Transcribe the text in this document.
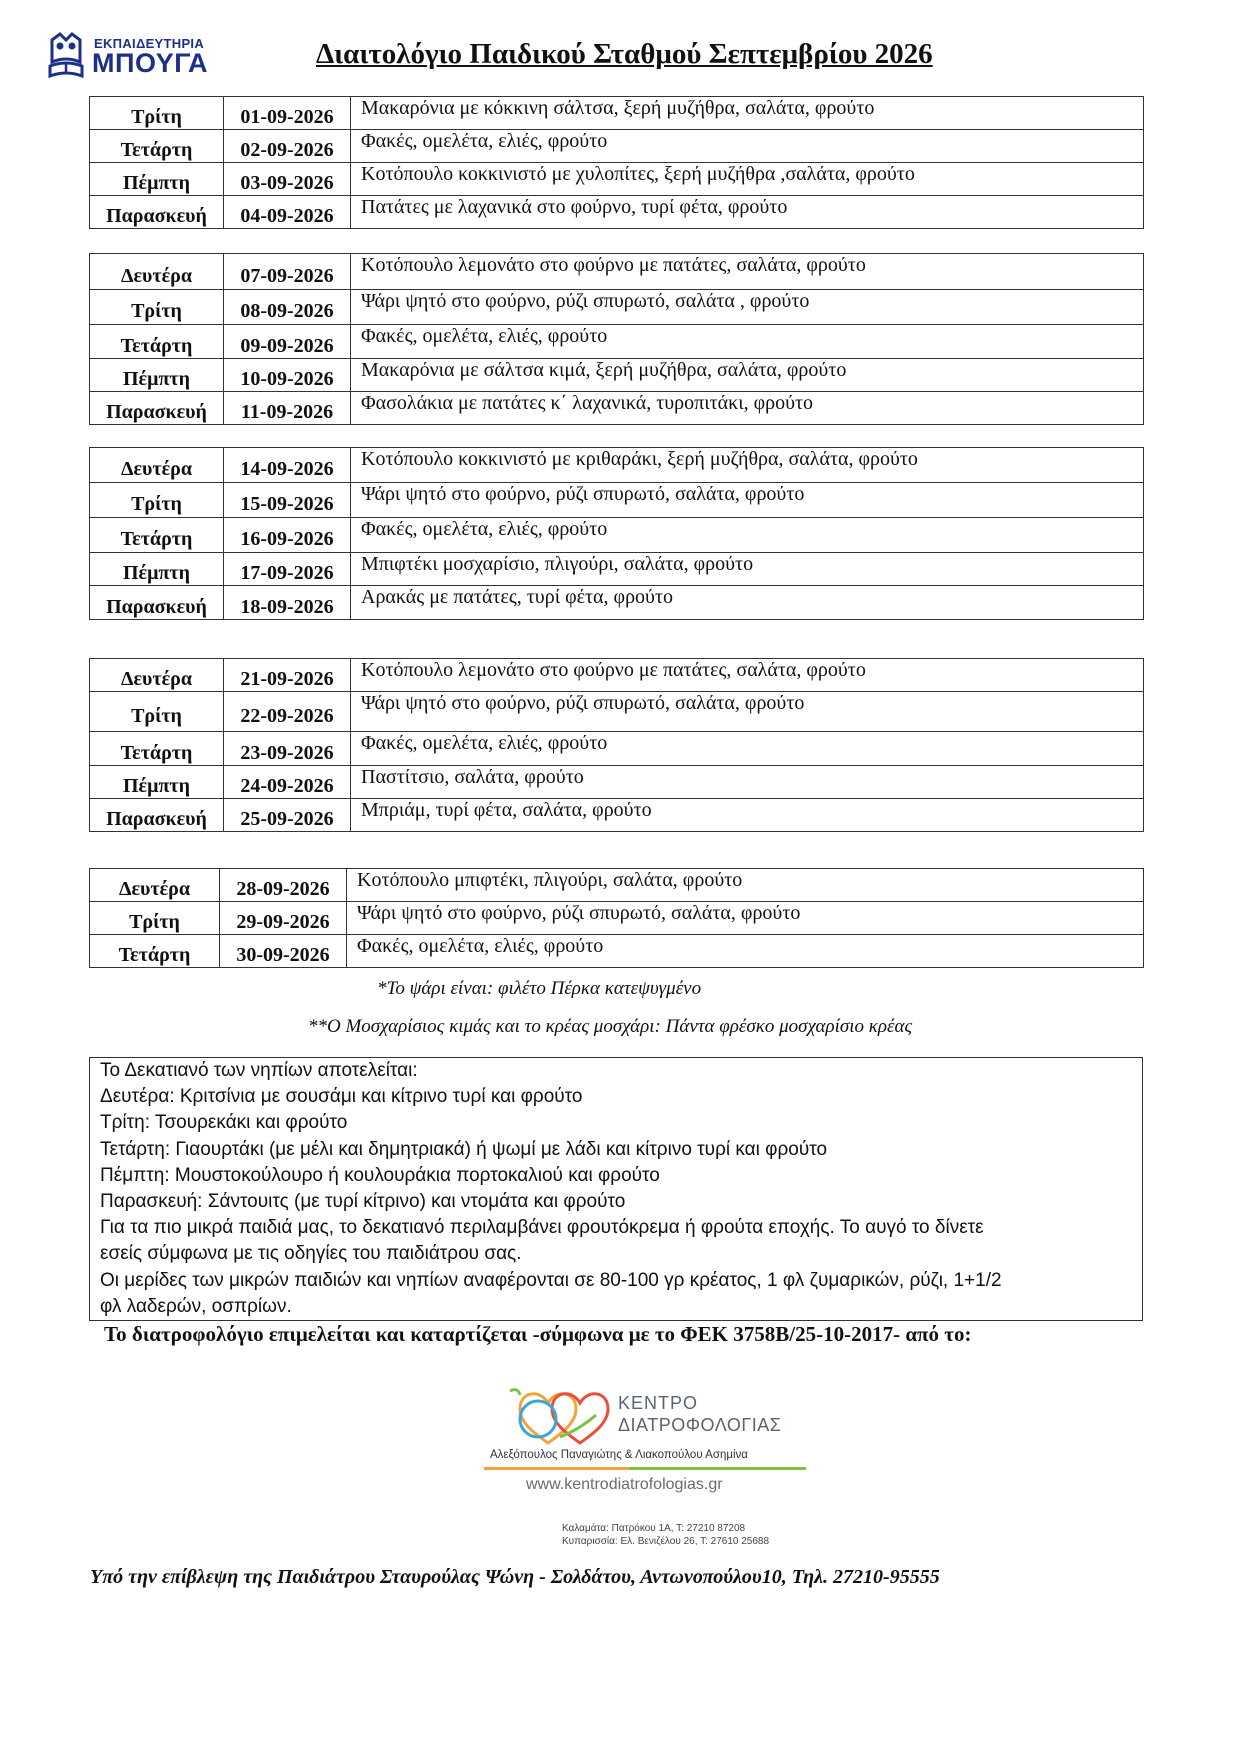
ΕΚΠΑΙΔΕΥΤΗΡΙΑ
ΜΠΟΥΓΑ	Διαιτολόγιο Παιδικού Σταθμού Σεπτεμβρίου 2026
Τρίτη	01-09-2026	Μακαρόνια με κόκκινη σάλτσα, ξερή μυζήθρα, σαλάτα, φρούτο
Τετάρτη	02-09-2026	Φακές, ομελέτα, ελιές, φρούτο
Πέμπτη	03-09-2026	Κοτόπουλο κοκκινιστό με χυλοπίτες, ξερή μυζήθρα ,σαλάτα, φρούτο
Παρασκευή	04-09-2026	Πατάτες με λαχανικά στο φούρνο, τυρί φέτα, φρούτο
Δευτέρα	07-09-2026	Κοτόπουλο λεμονάτο στο φούρνο με πατάτες, σαλάτα, φρούτο
Τρίτη	08-09-2026	Ψάρι ψητό στο φούρνο, ρύζι σπυρωτό, σαλάτα , φρούτο
Τετάρτη	09-09-2026	Φακές, ομελέτα, ελιές, φρούτο
Πέμπτη	10-09-2026	Μακαρόνια με σάλτσα κιμά, ξερή μυζήθρα, σαλάτα, φρούτο
Παρασκευή	11-09-2026	Φασολάκια με πατάτες κ΄ λαχανικά, τυροπιτάκι, φρούτο
Δευτέρα	14-09-2026	Κοτόπουλο κοκκινιστό με κριθαράκι, ξερή μυζήθρα, σαλάτα, φρούτο
Τρίτη	15-09-2026	Ψάρι ψητό στο φούρνο, ρύζι σπυρωτό, σαλάτα, φρούτο
Τετάρτη	16-09-2026	Φακές, ομελέτα, ελιές, φρούτο
Πέμπτη	17-09-2026	Μπιφτέκι μοσχαρίσιο, πλιγούρι, σαλάτα, φρούτο
Παρασκευή	18-09-2026	Αρακάς με πατάτες, τυρί φέτα, φρούτο
Δευτέρα	21-09-2026	Κοτόπουλο λεμονάτο στο φούρνο με πατάτες, σαλάτα, φρούτο
Τρίτη	22-09-2026	Ψάρι ψητό στο φούρνο, ρύζι σπυρωτό, σαλάτα, φρούτο
Τετάρτη	23-09-2026	Φακές, ομελέτα, ελιές, φρούτο
Πέμπτη	24-09-2026	Παστίτσιο, σαλάτα, φρούτο
Παρασκευή	25-09-2026	Μπριάμ, τυρί φέτα, σαλάτα, φρούτο
Δευτέρα	28-09-2026	Κοτόπουλο μπιφτέκι, πλιγούρι, σαλάτα, φρούτο
Τρίτη	29-09-2026	Ψάρι ψητό στο φούρνο, ρύζι σπυρωτό, σαλάτα, φρούτο
Τετάρτη	30-09-2026	Φακές, ομελέτα, ελιές, φρούτο
*Το ψάρι είναι: φιλέτο Πέρκα κατεψυγμένο
**Ο Μοσχαρίσιος κιμάς και το κρέας μοσχάρι: Πάντα φρέσκο μοσχαρίσιο κρέας
Το Δεκατιανό των νηπίων αποτελείται:
Δευτέρα: Κριτσίνια με σουσάμι και κίτρινο τυρί και φρούτο
Τρίτη: Τσουρεκάκι και φρούτο
Τετάρτη: Γιαουρτάκι (με μέλι και δημητριακά) ή ψωμί με λάδι και κίτρινο τυρί και φρούτο
Πέμπτη: Μουστοκούλουρο ή κουλουράκια πορτοκαλιού και φρούτο
Παρασκευή: Σάντουιτς (με τυρί κίτρινο) και ντομάτα και φρούτο
Για τα πιο μικρά παιδιά μας, το δεκατιανό περιλαμβάνει φρουτόκρεμα ή φρούτα εποχής. Το αυγό το δίνετε
εσείς σύμφωνα με τις οδηγίες του παιδιάτρου σας.
Οι μερίδες των μικρών παιδιών και νηπίων αναφέρονται σε 80-100 γρ κρέατος, 1 φλ ζυμαρικών, ρύζι, 1+1/2
φλ λαδερών, οσπρίων.
Το διατροφολόγιο επιμελείται και καταρτίζεται -σύμφωνα με το ΦΕΚ 3758Β/25-10-2017- από το:
ΚΕΝΤΡΟ
ΔΙΑΤΡΟΦΟΛΟΓΙΑΣ
Αλεξόπουλος Παναγιώτης & Λιακοπούλου Ασημίνα
www.kentrodiatrofologias.gr
Καλαμάτα: Πατρόκου 1Α, Τ: 27210 87208
Κυπαρισσία: Ελ. Βενιζέλου 26, Τ: 27610 25688
Υπό την επίβλεψη της Παιδιάτρου Σταυρούλας Ψώνη - Σολδάτου, Αντωνοπούλου10, Τηλ. 27210-95555
